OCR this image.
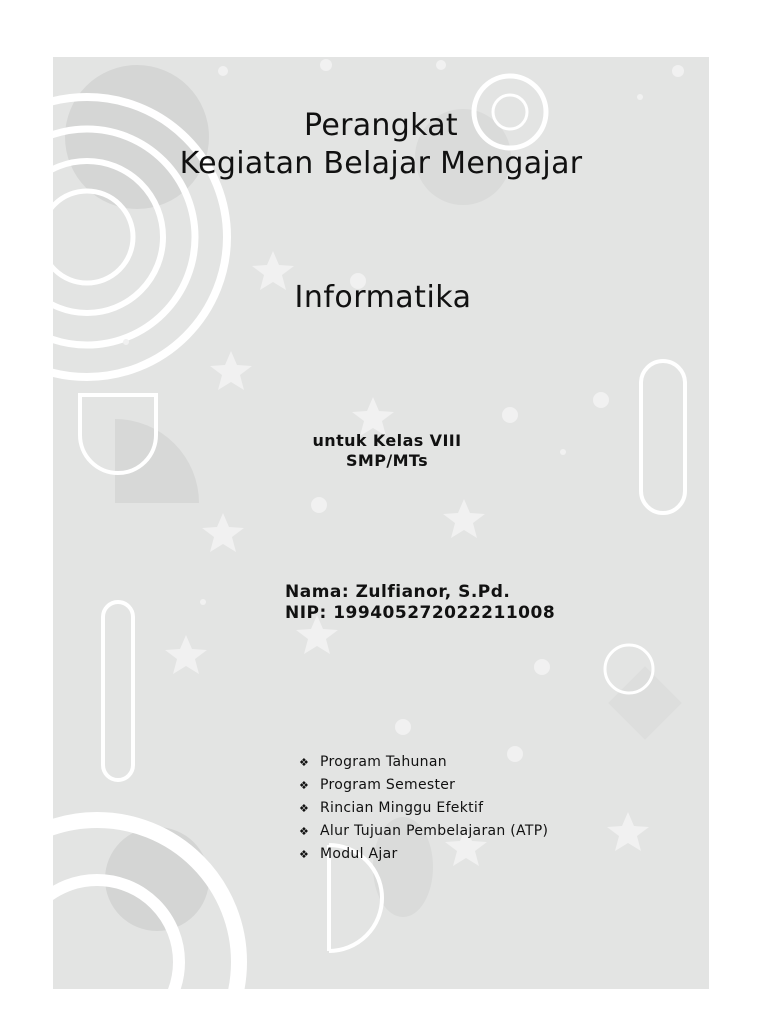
Perangkat
Kegiatan Belajar Mengajar
Informatika
untuk Kelas VIII
SMP/MTs
Nama: Zulfianor, S.Pd.
NIP: 199405272022211008
❖ Program Tahunan
❖ Program Semester
❖ Rincian Minggu Efektif
❖ Alur Tujuan Pembelajaran (ATP)
❖ Modul Ajar
